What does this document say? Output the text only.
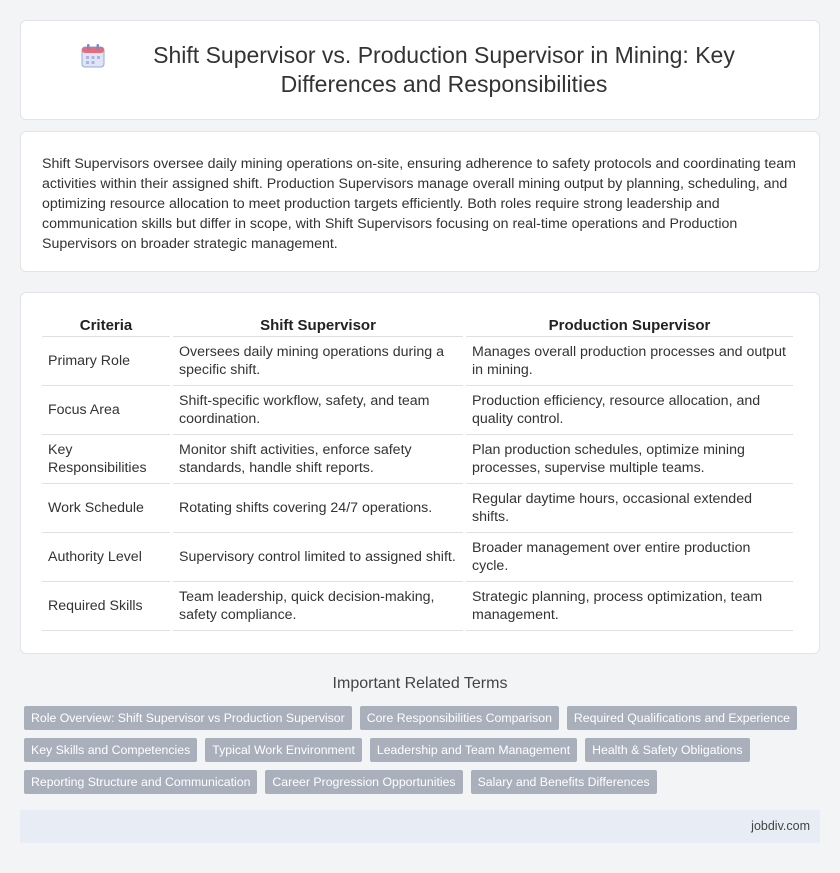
Shift Supervisor vs. Production Supervisor in Mining: Key Differences and Responsibilities

Shift Supervisors oversee daily mining operations on-site, ensuring adherence to safety protocols and coordinating team activities within their assigned shift. Production Supervisors manage overall mining output by planning, scheduling, and optimizing resource allocation to meet production targets efficiently. Both roles require strong leadership and communication skills but differ in scope, with Shift Supervisors focusing on real-time operations and Production Supervisors on broader strategic management.

Criteria	Shift Supervisor	Production Supervisor
Primary Role	Oversees daily mining operations during a specific shift.	Manages overall production processes and output in mining.
Focus Area	Shift-specific workflow, safety, and team coordination.	Production efficiency, resource allocation, and quality control.
Key Responsibilities	Monitor shift activities, enforce safety standards, handle shift reports.	Plan production schedules, optimize mining processes, supervise multiple teams.
Work Schedule	Rotating shifts covering 24/7 operations.	Regular daytime hours, occasional extended shifts.
Authority Level	Supervisory control limited to assigned shift.	Broader management over entire production cycle.
Required Skills	Team leadership, quick decision-making, safety compliance.	Strategic planning, process optimization, team management.
Important Related Terms
Role Overview: Shift Supervisor vs Production Supervisor	Core Responsibilities Comparison	Required Qualifications and Experience
Key Skills and Competencies	Typical Work Environment	Leadership and Team Management	Health & Safety Obligations
Reporting Structure and Communication	Career Progression Opportunities	Salary and Benefits Differences
jobdiv.com
